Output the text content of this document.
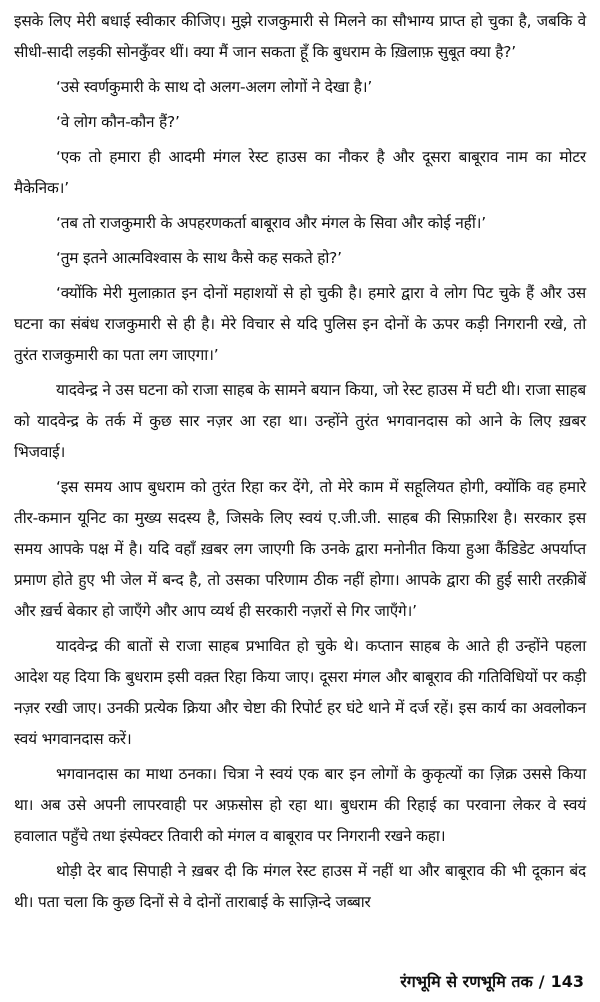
इसके लिए मेरी बधाई स्वीकार कीजिए। मुझे राजकुमारी से मिलने का सौभाग्य प्राप्त हो चुका है, जबकि वे सीधी-सादी लड़की सोनकुँवर थीं। क्या मैं जान सकता हूँ कि बुधराम के ख़िलाफ़ सुबूत क्या है?’

‘उसे स्वर्णकुमारी के साथ दो अलग-अलग लोगों ने देखा है।’

‘वे लोग कौन-कौन हैं?’

‘एक तो हमारा ही आदमी मंगल रेस्ट हाउस का नौकर है और दूसरा बाबूराव नाम का मोटर मैकेनिक।’

‘तब तो राजकुमारी के अपहरणकर्ता बाबूराव और मंगल के सिवा और कोई नहीं।’

‘तुम इतने आत्मविश्वास के साथ कैसे कह सकते हो?’

‘क्योंकि मेरी मुलाक़ात इन दोनों महाशयों से हो चुकी है। हमारे द्वारा वे लोग पिट चुके हैं और उस घटना का संबंध राजकुमारी से ही है। मेरे विचार से यदि पुलिस इन दोनों के ऊपर कड़ी निगरानी रखे, तो तुरंत राजकुमारी का पता लग जाएगा।’

यादवेन्द्र ने उस घटना को राजा साहब के सामने बयान किया, जो रेस्ट हाउस में घटी थी। राजा साहब को यादवेन्द्र के तर्क में कुछ सार नज़र आ रहा था। उन्होंने तुरंत भगवानदास को आने के लिए ख़बर भिजवाई।

‘इस समय आप बुधराम को तुरंत रिहा कर देंगे, तो मेरे काम में सहूलियत होगी, क्योंकि वह हमारे तीर-कमान यूनिट का मुख्य सदस्य है, जिसके लिए स्वयं ए.जी.जी. साहब की सिफ़ारिश है। सरकार इस समय आपके पक्ष में है। यदि वहाँ ख़बर लग जाएगी कि उनके द्वारा मनोनीत किया हुआ कैंडिडेट अपर्याप्त प्रमाण होते हुए भी जेल में बन्द है, तो उसका परिणाम ठीक नहीं होगा। आपके द्वारा की हुई सारी तरक़ीबें और ख़र्च बेकार हो जाएँगे और आप व्यर्थ ही सरकारी नज़रों से गिर जाएँगे।’

यादवेन्द्र की बातों से राजा साहब प्रभावित हो चुके थे। कप्तान साहब के आते ही उन्होंने पहला आदेश यह दिया कि बुधराम इसी वक़्त रिहा किया जाए। दूसरा मंगल और बाबूराव की गतिविधियों पर कड़ी नज़र रखी जाए। उनकी प्रत्येक क्रिया और चेष्टा की रिपोर्ट हर घंटे थाने में दर्ज रहें। इस कार्य का अवलोकन स्वयं भगवानदास करें।

भगवानदास का माथा ठनका। चित्रा ने स्वयं एक बार इन लोगों के कुकृत्यों का ज़िक्र उससे किया था। अब उसे अपनी लापरवाही पर अफ़सोस हो रहा था। बुधराम की रिहाई का परवाना लेकर वे स्वयं हवालात पहुँचे तथा इंस्पेक्टर तिवारी को मंगल व बाबूराव पर निगरानी रखने कहा।

थोड़ी देर बाद सिपाही ने ख़बर दी कि मंगल रेस्ट हाउस में नहीं था और बाबूराव की भी दूकान बंद थी। पता चला कि कुछ दिनों से वे दोनों ताराबाई के साज़िन्दे जब्बार

रंगभूमि से रणभूमि तक / 143
